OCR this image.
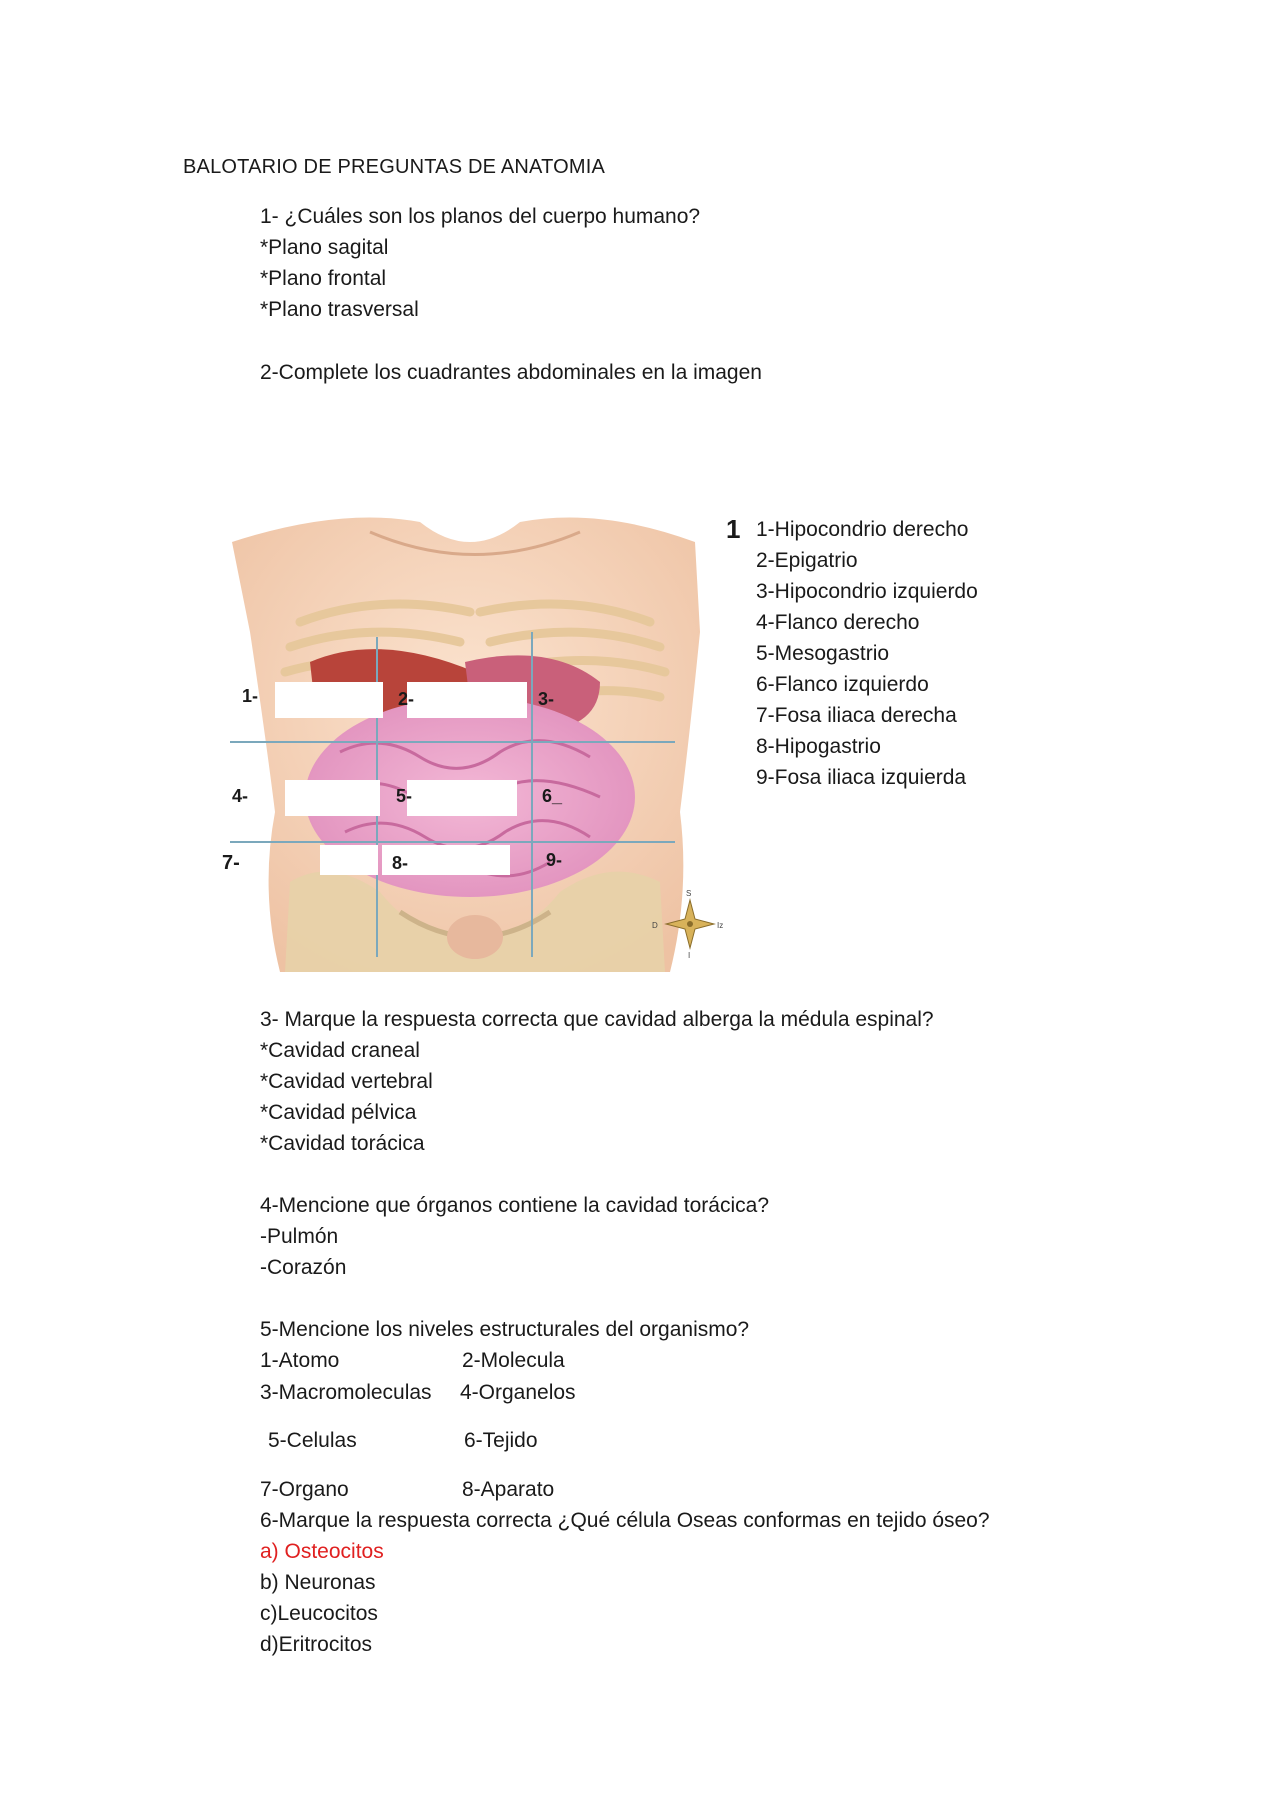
BALOTARIO DE PREGUNTAS DE ANATOMIA
1- ¿Cuáles son los planos del cuerpo humano?
*Plano sagital
*Plano frontal
*Plano trasversal
2-Complete los cuadrantes abdominales en la imagen
1-	2-	3-
4-	5-	6_
7-	8-	9-
S
D	Iz
I
1 1-Hipocondrio derecho
2-Epigatrio
3-Hipocondrio izquierdo
4-Flanco derecho
5-Mesogastrio
6-Flanco izquierdo
7-Fosa iliaca derecha
8-Hipogastrio
9-Fosa iliaca izquierda
3- Marque la respuesta correcta que cavidad alberga la médula espinal?
*Cavidad craneal
*Cavidad vertebral
*Cavidad pélvica
*Cavidad torácica
4-Mencione que órganos contiene la cavidad torácica?
-Pulmón
-Corazón
5-Mencione los niveles estructurales del organismo?
1-Atomo	2-Molecula
3-Macromoleculas 4-Organelos
5-Celulas	6-Tejido
7-Organo	8-Aparato
6-Marque la respuesta correcta ¿Qué célula Oseas conformas en tejido óseo?
a) Osteocitos
b) Neuronas
c)Leucocitos
d)Eritrocitos
